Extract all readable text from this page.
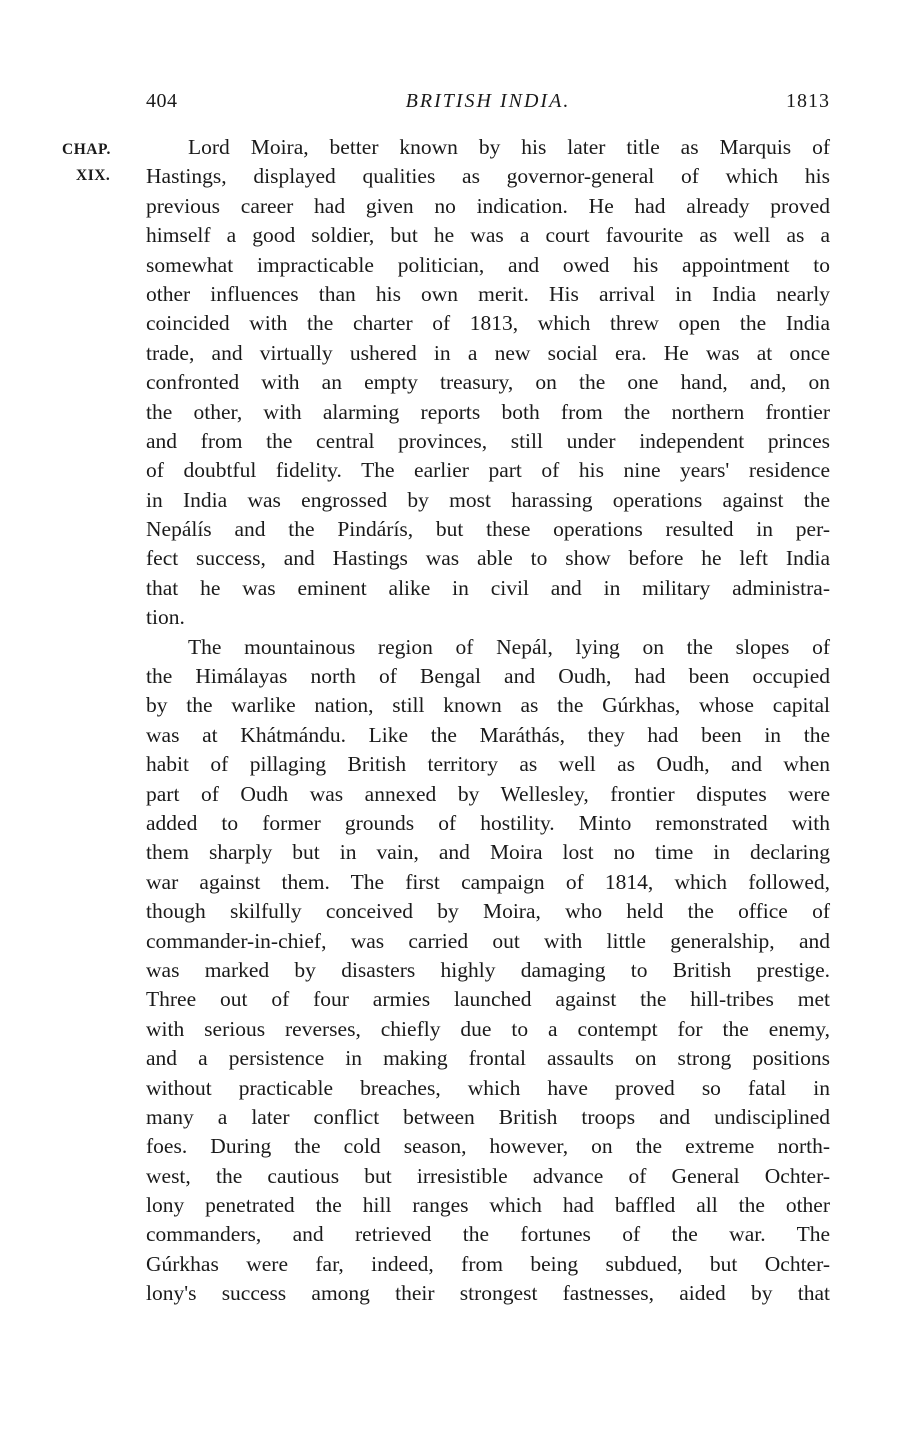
404	BRITISH INDIA.	1813
CHAP.
XIX.
Lord Moira, better known by his later title as Marquis of
Hastings, displayed qualities as governor-general of which his
previous career had given no indication. He had already proved
himself a good soldier, but he was a court favourite as well as a
somewhat impracticable politician, and owed his appointment to
other influences than his own merit. His arrival in India nearly
coincided with the charter of 1813, which threw open the India
trade, and virtually ushered in a new social era. He was at once
confronted with an empty treasury, on the one hand, and, on
the other, with alarming reports both from the northern frontier
and from the central provinces, still under independent princes
of doubtful fidelity. The earlier part of his nine years' residence
in India was engrossed by most harassing operations against the
Nepálís and the Pindárís, but these operations resulted in per-
fect success, and Hastings was able to show before he left India
that he was eminent alike in civil and in military administra-
tion.
The mountainous region of Nepál, lying on the slopes of
the Himálayas north of Bengal and Oudh, had been occupied
by the warlike nation, still known as the Gúrkhas, whose capital
was at Khátmándu. Like the Maráthás, they had been in the
habit of pillaging British territory as well as Oudh, and when
part of Oudh was annexed by Wellesley, frontier disputes were
added to former grounds of hostility. Minto remonstrated with
them sharply but in vain, and Moira lost no time in declaring
war against them. The first campaign of 1814, which followed,
though skilfully conceived by Moira, who held the office of
commander-in-chief, was carried out with little generalship, and
was marked by disasters highly damaging to British prestige.
Three out of four armies launched against the hill-tribes met
with serious reverses, chiefly due to a contempt for the enemy,
and a persistence in making frontal assaults on strong positions
without practicable breaches, which have proved so fatal in
many a later conflict between British troops and undisciplined
foes. During the cold season, however, on the extreme north-
west, the cautious but irresistible advance of General Ochter-
lony penetrated the hill ranges which had baffled all the other
commanders, and retrieved the fortunes of the war. The
Gúrkhas were far, indeed, from being subdued, but Ochter-
lony's success among their strongest fastnesses, aided by that
